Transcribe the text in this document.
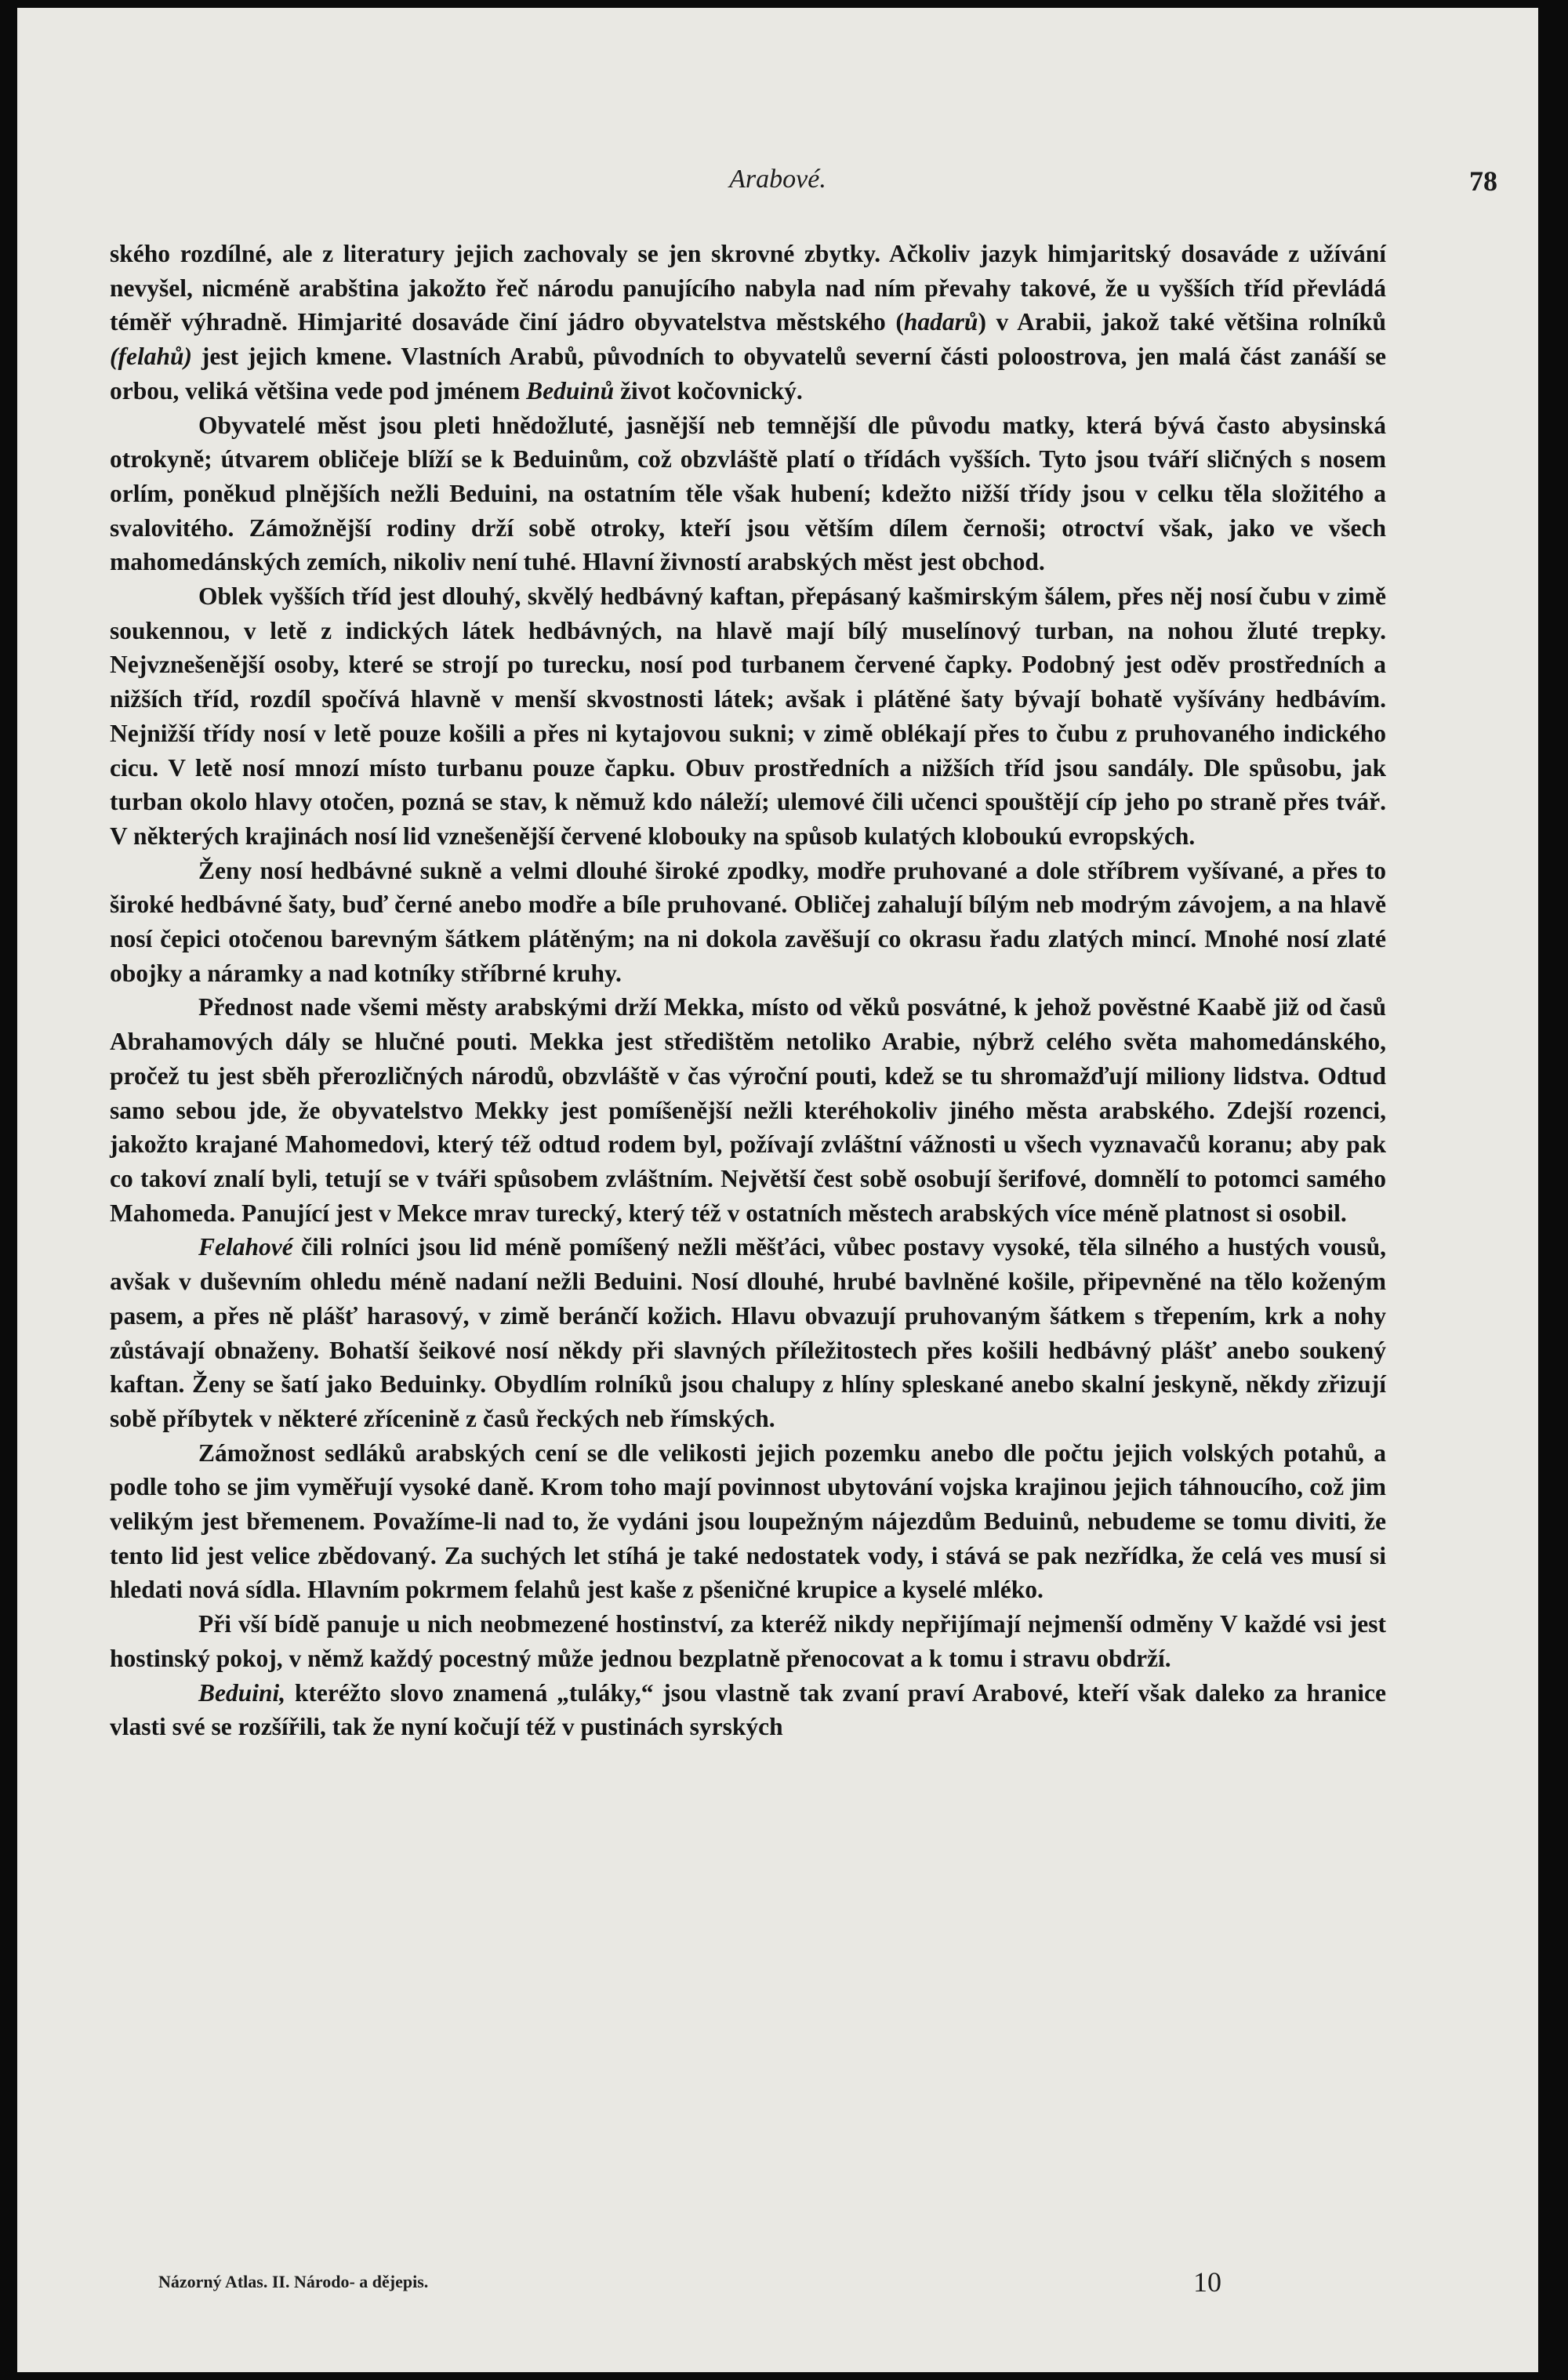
Arabové.	78

ského rozdílné, ale z literatury jejich zachovaly se jen skrovné zbytky. Ačkoliv jazyk himjaritský dosaváde z užívání nevyšel, nicméně arabština jakožto řeč národu panujícího nabyla nad ním převahy takové, že u vyšších tříd převládá téměř výhradně. Himjarité dosaváde činí jádro obyvatelstva městského (hadarů) v Arabii, jakož také většina rolníků (felahů) jest jejich kmene. Vlastních Arabů, původních to obyvatelů severní části poloostrova, jen malá část zanáší se orbou, veliká většina vede pod jménem Beduinů život kočovnický.

Obyvatelé měst jsou pleti hnědožluté, jasnější neb temnější dle původu matky, která bývá často abysinská otrokyně; útvarem obličeje blíží se k Beduinům, což obzvláště platí o třídách vyšších. Tyto jsou tváří sličných s nosem orlím, poněkud plnějších nežli Beduini, na ostatním těle však hubení; kdežto nižší třídy jsou v celku těla složitého a svalovitého. Zámožnější rodiny drží sobě otroky, kteří jsou větším dílem černoši; otroctví však, jako ve všech mahomedánských zemích, nikoliv není tuhé. Hlavní živností arabských měst jest obchod.

Oblek vyšších tříd jest dlouhý, skvělý hedbávný kaftan, přepásaný kašmirským šálem, přes něj nosí čubu v zimě soukennou, v letě z indických látek hedbávných, na hlavě mají bílý muselínový turban, na nohou žluté trepky. Nejvznešenější osoby, které se strojí po turecku, nosí pod turbanem červené čapky. Podobný jest oděv prostředních a nižších tříd, rozdíl spočívá hlavně v menší skvostnosti látek; avšak i plátěné šaty bývají bohatě vyšívány hedbávím. Nejnižší třídy nosí v letě pouze košili a přes ni kytajovou sukni; v zimě oblékají přes to čubu z pruhovaného indického cicu. V letě nosí mnozí místo turbanu pouze čapku. Obuv prostředních a nižších tříd jsou sandály. Dle spůsobu, jak turban okolo hlavy otočen, pozná se stav, k němuž kdo náleží; ulemové čili učenci spouštějí cíp jeho po straně přes tvář. V některých krajinách nosí lid vznešenější červené klobouky na spůsob kulatých kloboukú evropských.

Ženy nosí hedbávné sukně a velmi dlouhé široké zpodky, modře pruhované a dole stříbrem vyšívané, a přes to široké hedbávné šaty, buď černé anebo modře a bíle pruhované. Obličej zahalují bílým neb modrým závojem, a na hlavě nosí čepici otočenou barevným šátkem plátěným; na ni dokola zavěšují co okrasu řadu zlatých mincí. Mnohé nosí zlaté obojky a náramky a nad kotníky stříbrné kruhy.

Přednost nade všemi městy arabskými drží Mekka, místo od věků posvátné, k jehož pověstné Kaabě již od časů Abrahamových dály se hlučné pouti. Mekka jest středištěm netoliko Arabie, nýbrž celého světa mahomedánského, pročež tu jest sběh přerozličných národů, obzvláště v čas výroční pouti, kdež se tu shromažďují miliony lidstva. Odtud samo sebou jde, že obyvatelstvo Mekky jest pomíšenější nežli kteréhokoliv jiného města arabského. Zdejší rozenci, jakožto krajané Mahomedovi, který též odtud rodem byl, požívají zvláštní vážnosti u všech vyznavačů koranu; aby pak co takoví znalí byli, tetují se v tváři spůsobem zvláštním. Největší čest sobě osobují šerifové, domnělí to potomci samého Mahomeda. Panující jest v Mekce mrav turecký, který též v ostatních městech arabských více méně platnost si osobil.

Felahové čili rolníci jsou lid méně pomíšený nežli měšťáci, vůbec postavy vysoké, těla silného a hustých vousů, avšak v duševním ohledu méně nadaní nežli Beduini. Nosí dlouhé, hrubé bavlněné košile, připevněné na tělo koženým pasem, a přes ně plášť harasový, v zimě beránčí kožich. Hlavu obvazují pruhovaným šátkem s třepením, krk a nohy zůstávají obnaženy. Bohatší šeikové nosí někdy při slavných příležitostech přes košili hedbávný plášť anebo soukený kaftan. Ženy se šatí jako Beduinky. Obydlím rolníků jsou chalupy z hlíny spleskané anebo skalní jeskyně, někdy zřizují sobě příbytek v některé zřícenině z časů řeckých neb římských.

Zámožnost sedláků arabských cení se dle velikosti jejich pozemku anebo dle počtu jejich volských potahů, a podle toho se jim vyměřují vysoké daně. Krom toho mají povinnost ubytování vojska krajinou jejich táhnoucího, což jim velikým jest břemenem. Považíme-li nad to, že vydáni jsou loupežným nájezdům Beduinů, nebudeme se tomu diviti, že tento lid jest velice zbědovaný. Za suchých let stíhá je také nedostatek vody, i stává se pak nezřídka, že celá ves musí si hledati nová sídla. Hlavním pokrmem felahů jest kaše z pšeničné krupice a kyselé mléko.

Při vší bídě panuje u nich neobmezené hostinství, za kteréž nikdy nepřijímají nejmenší odměny V každé vsi jest hostinský pokoj, v němž každý pocestný může jednou bezplatně přenocovat a k tomu i stravu obdrží.

Beduini, kteréžto slovo znamená „tuláky,“ jsou vlastně tak zvaní praví Arabové, kteří však daleko za hranice vlasti své se rozšířili, tak že nyní kočují též v pustinách syrských

Názorný Atlas. II. Národo- a dějepis.	10
